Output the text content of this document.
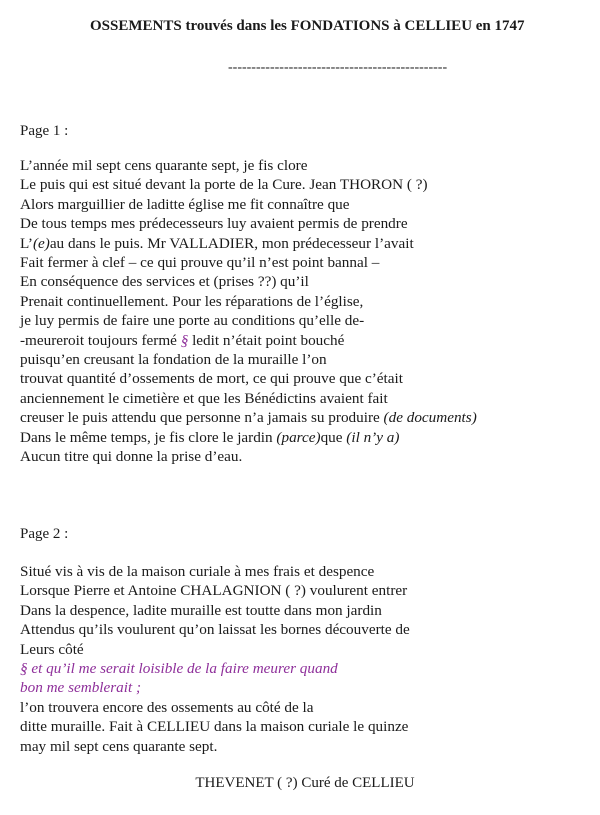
OSSEMENTS trouvés dans les FONDATIONS à CELLIEU en 1747
-----------------------------------------------
Page 1 :
L’année mil sept cens quarante sept, je fis clore
Le puis qui est situé devant la porte de la Cure. Jean THORON ( ?)
Alors marguillier de laditte église me fit connaître que
De tous temps mes prédecesseurs luy avaient permis de prendre
L’(e)au dans le puis. Mr VALLADIER, mon prédecesseur l’avait
Fait fermer à clef – ce qui prouve qu’il n’est point bannal –
En conséquence des services et (prises ??) qu’il
Prenait continuellement. Pour les réparations de l’église,
je luy permis de faire une porte au conditions qu’elle de-
-meureroit toujours fermé § ledit n’était point bouché
puisqu’en creusant la fondation de la muraille l’on
trouvat quantité d’ossements de mort, ce qui prouve que c’était
anciennement le cimetière et que les Bénédictins avaient fait
creuser le puis attendu que personne n’a jamais su produire (de documents)
Dans le même temps, je fis clore le jardin (parce)que (il n’y a)
Aucun titre qui donne la prise d’eau.
Page 2 :
Situé vis à vis de la maison curiale à mes frais et despence
Lorsque Pierre et Antoine CHALAGNION ( ?) voulurent entrer
Dans la despence, ladite muraille est toutte dans mon jardin
Attendus qu’ils voulurent qu’on laissat les bornes découverte de
Leurs côté
§ et qu’il me serait loisible de la faire meurer quand
bon me semblerait ;
l’on trouvera encore des ossements au côté de la
ditte muraille. Fait à CELLIEU dans la maison curiale le quinze
may mil sept cens quarante sept.
THEVENET ( ?) Curé de CELLIEU
